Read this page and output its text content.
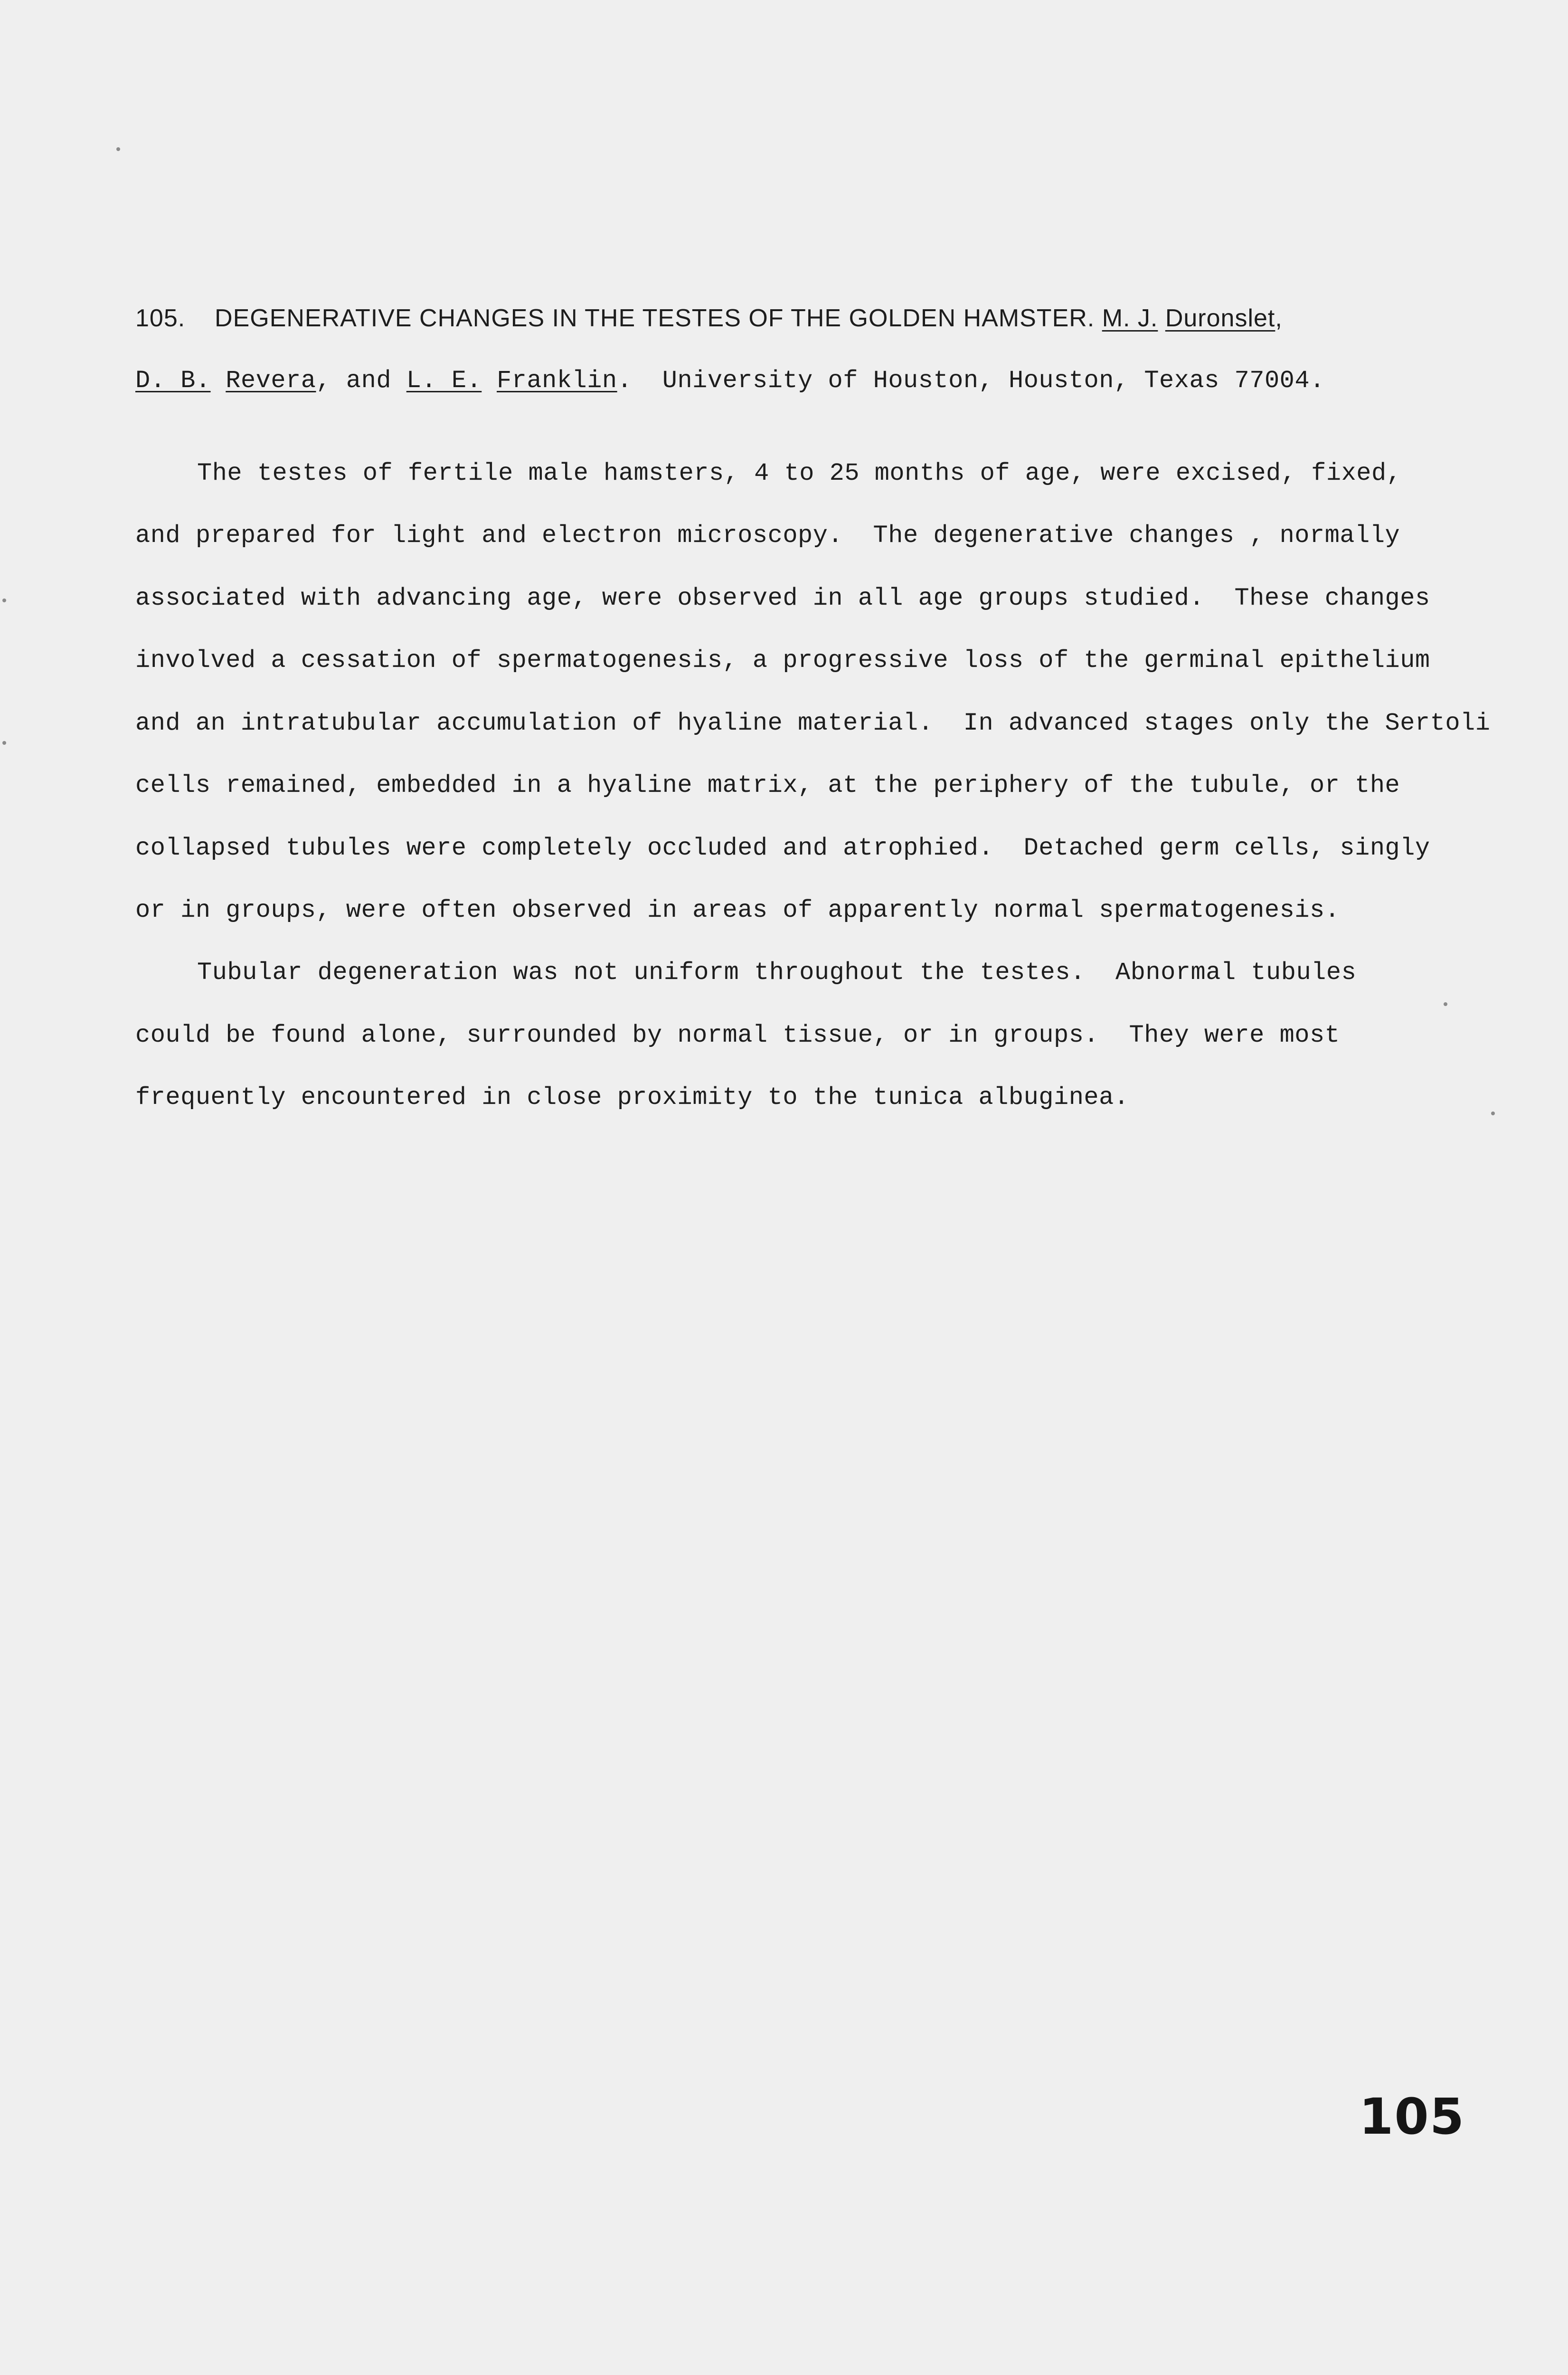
105. DEGENERATIVE CHANGES IN THE TESTES OF THE GOLDEN HAMSTER. M. J. Duronslet,
D. B. Revera, and L. E. Franklin.  University of Houston, Houston, Texas 77004.
The testes of fertile male hamsters, 4 to 25 months of age, were excised, fixed,
and prepared for light and electron microscopy.  The degenerative changes , normally
associated with advancing age, were observed in all age groups studied.  These changes
involved a cessation of spermatogenesis, a progressive loss of the germinal epithelium
and an intratubular accumulation of hyaline material.  In advanced stages only the Sertoli
cells remained, embedded in a hyaline matrix, at the periphery of the tubule, or the
collapsed tubules were completely occluded and atrophied.  Detached germ cells, singly
or in groups, were often observed in areas of apparently normal spermatogenesis.
Tubular degeneration was not uniform throughout the testes.  Abnormal tubules
could be found alone, surrounded by normal tissue, or in groups.  They were most
frequently encountered in close proximity to the tunica albuginea.
105
